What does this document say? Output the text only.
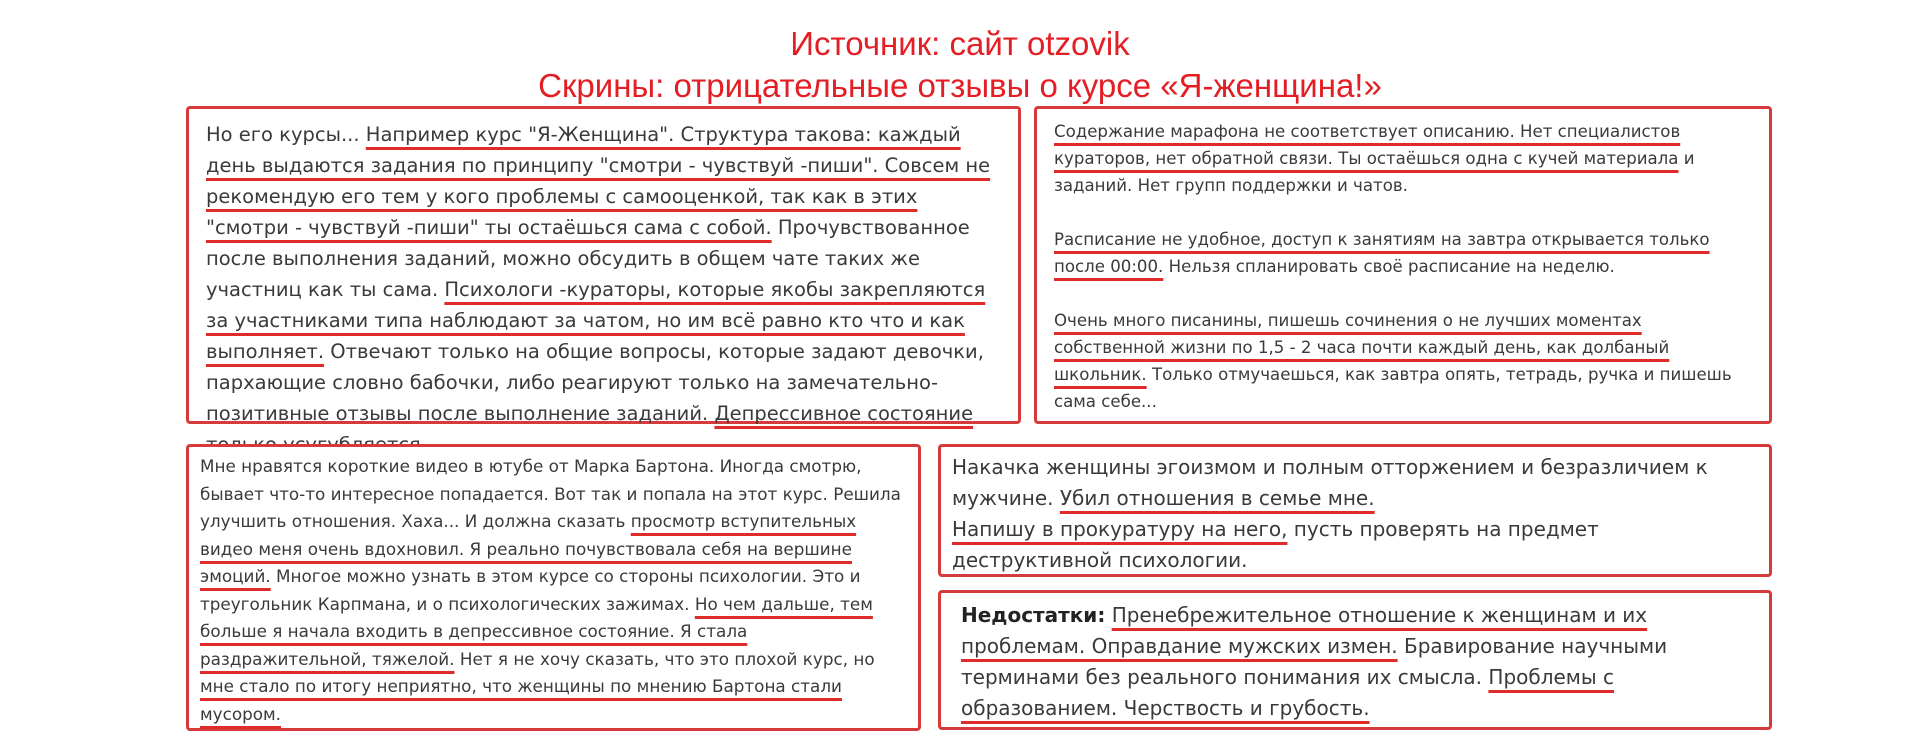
Источник: сайт otzovik
Скрины: отрицательные отзывы о курсе «Я-женщина!»

Но его курсы... Например курс "Я-Женщина". Структура такова: каждый день выдаются задания по принципу "смотри - чувствуй -пиши". Совсем не рекомендую его тем у кого проблемы с самооценкой, так как в этих "смотри - чувствуй -пиши" ты остаёшься сама с собой. Прочувствованное после выполнения заданий, можно обсудить в общем чате таких же участниц как ты сама. Психологи -кураторы, которые якобы закрепляются за участниками типа наблюдают за чатом, но им всё равно кто что и как выполняет. Отвечают только на общие вопросы, которые задают девочки, пархающие словно бабочки, либо реагируют только на замечательно-позитивные отзывы после выполнение заданий. Депрессивное состояние

Содержание марафона не соответствует описанию. Нет специалистов кураторов, нет обратной связи. Ты остаёшься одна с кучей материала и заданий. Нет групп поддержки и чатов.

Расписание не удобное, доступ к занятиям на завтра открывается только после 00:00. Нельзя спланировать своё расписание на неделю.

Очень много писанины, пишешь сочинения о не лучших моментах собственной жизни по 1,5 - 2 часа почти каждый день, как долбаный школьник. Только отмучаешься, как завтра опять, тетрадь, ручка и пишешь сама себе...

Мне нравятся короткие видео в ютубе от Марка Бартона. Иногда смотрю, бывает что-то интересное попадается. Вот так и попала на этот курс. Решила улучшить отношения. Хаха... И должна сказать просмотр вступительных видео меня очень вдохновил. Я реально почувствовала себя на вершине эмоций. Многое можно узнать в этом курсе со стороны психологии. Это и треугольник Карпмана, и о психологических зажимах. Но чем дальше, тем больше я начала входить в депрессивное состояние. Я стала раздражительной, тяжелой. Нет я не хочу сказать, что это плохой курс, но мне стало по итогу неприятно, что женщины по мнению Бартона стали мусором.

Накачка женщины эгоизмом и полным отторжением и безразличием к мужчине. Убил отношения в семье мне.
Напишу в прокуратуру на него, пусть проверять на предмет деструктивной психологии.

Недостатки: Пренебрежительное отношение к женщинам и их проблемам. Оправдание мужских измен. Бравирование научными терминами без реального понимания их смысла. Проблемы с образованием. Черствость и грубость.
